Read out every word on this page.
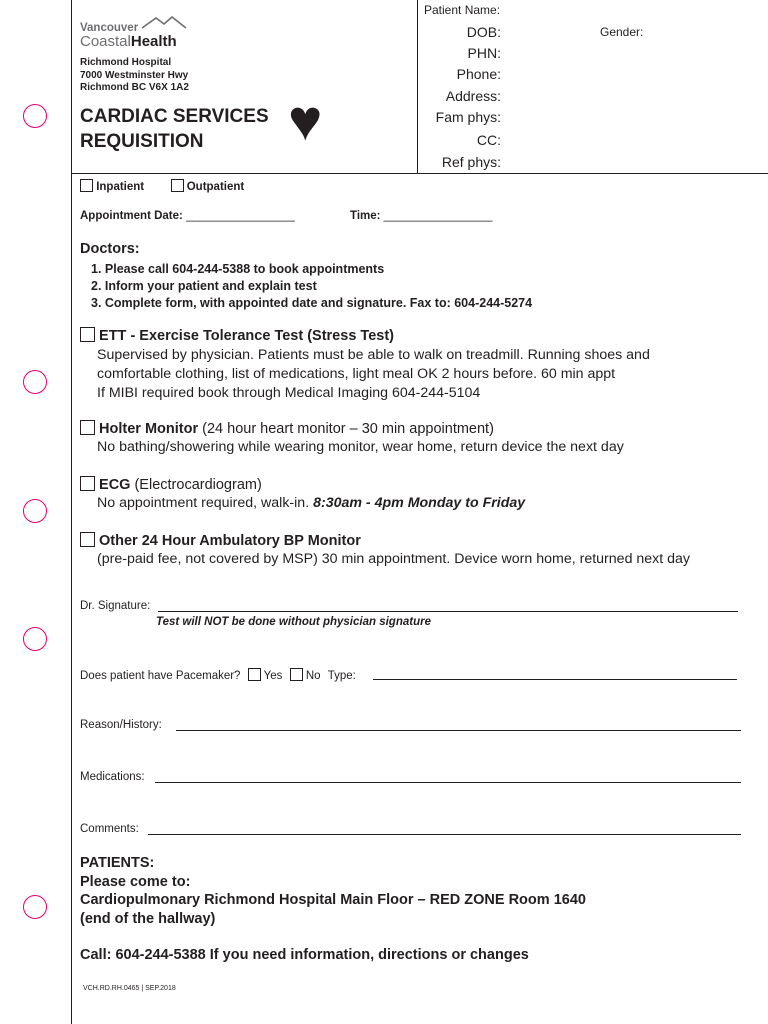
Vancouver
CoastalHealth
Richmond Hospital
7000 Westminster Hwy
Richmond BC V6X 1A2
CARDIAC SERVICES
REQUISITION	♥
Patient Name:
DOB:	Gender:
PHN:
Phone:
Address:
Fam phys:
CC:
Ref phys:
Inpatient	Outpatient
Appointment Date: _________________	Time: _________________
Doctors:
1. Please call 604-244-5388 to book appointments
2. Inform your patient and explain test
3. Complete form, with appointed date and signature. Fax to: 604-244-5274
ETT - Exercise Tolerance Test (Stress Test)
Supervised by physician. Patients must be able to walk on treadmill. Running shoes and
comfortable clothing, list of medications, light meal OK 2 hours before. 60 min appt
If MIBI required book through Medical Imaging 604-244-5104
Holter Monitor (24 hour heart monitor – 30 min appointment)
No bathing/showering while wearing monitor, wear home, return device the next day
ECG (Electrocardiogram)
No appointment required, walk-in. 8:30am - 4pm Monday to Friday
Other 24 Hour Ambulatory BP Monitor
(pre-paid fee, not covered by MSP) 30 min appointment. Device worn home, returned next day
Dr. Signature:
Test will NOT be done without physician signature
Does patient have Pacemaker? Yes No Type:
Reason/History:
Medications:
Comments:
PATIENTS:
Please come to:
Cardiopulmonary Richmond Hospital Main Floor – RED ZONE Room 1640
(end of the hallway)
Call: 604-244-5388 If you need information, directions or changes
VCH.RD.RH.0465 | SEP.2018
